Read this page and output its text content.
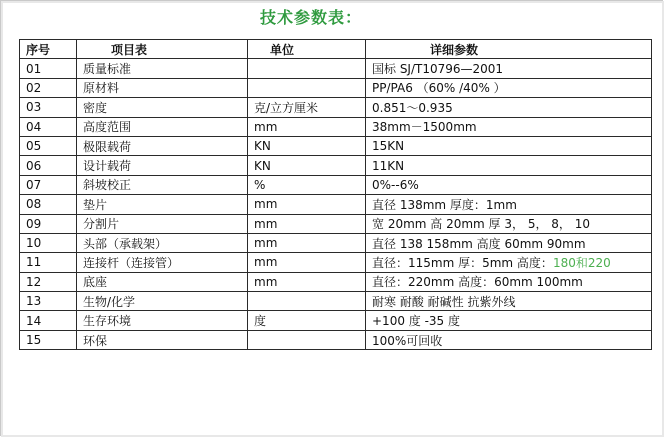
技术参数表：
序号	项目表	单位	详细参数
01	质量标准		国标 SJ/T10796—2001
02	原材料		PP/PA6 （60% /40% ）
03	密度	克/立方厘米	0.851～0.935
04	高度范围	mm	38mm－1500mm
05	极限载荷	KN	15KN
06	设计载荷	KN	11KN
07	斜坡校正	%	0%--6%
08	垫片	mm	直径 138mm 厚度：1mm
09	分割片	mm	宽 20mm 高 20mm 厚 3， 5， 8， 10
10	头部（承载架）	mm	直径 138 158mm 高度 60mm 90mm
11	连接杆（连接管）	mm	直径：115mm 厚：5mm 高度：180和220
12	底座	mm	直径：220mm 高度：60mm 100mm
13	生物/化学		耐寒 耐酸 耐碱性 抗紫外线
14	生存环境	度	+100 度 -35 度
15	环保		100%可回收
